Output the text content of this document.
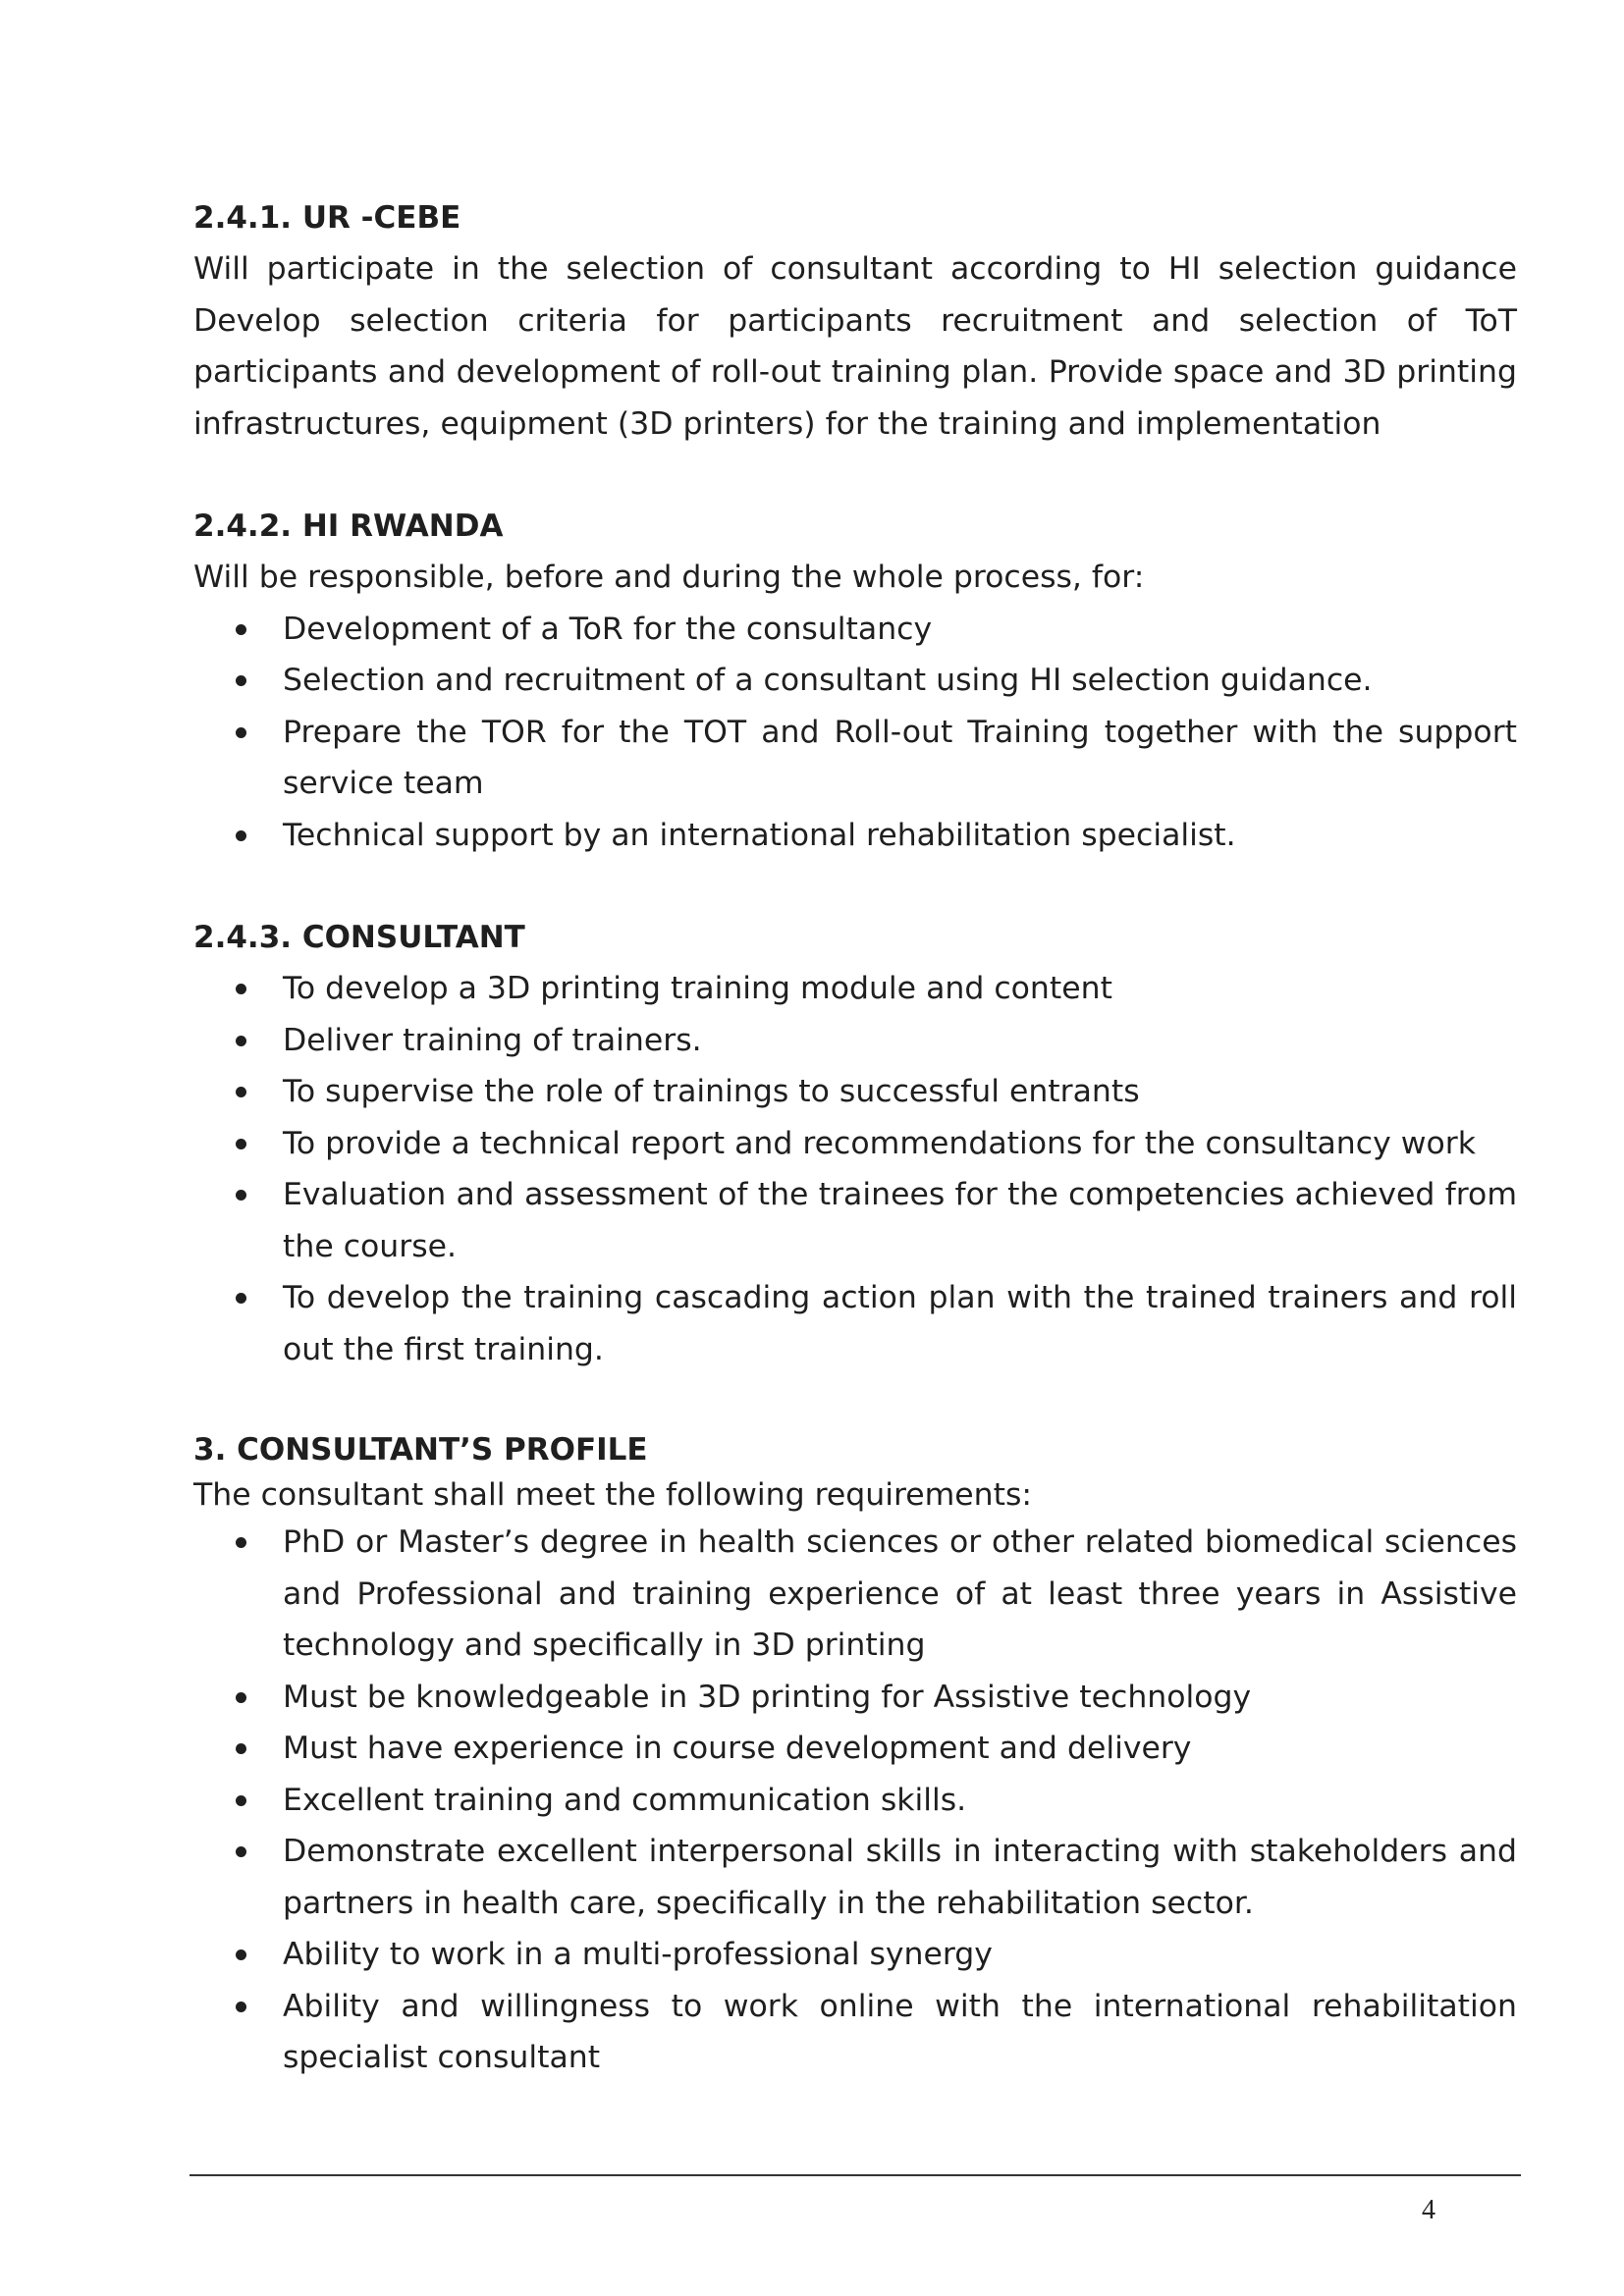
2.4.1. UR -CEBE

Will participate in the selection of consultant according to HI selection guidance Develop selection criteria for participants recruitment and selection of ToT participants and development of roll-out training plan. Provide space and 3D printing infrastructures, equipment (3D printers) for the training and implementation

2.4.2. HI RWANDA

Will be responsible, before and during the whole process, for:

Development of a ToR for the consultancy
Selection and recruitment of a consultant using HI selection guidance.
Prepare the TOR for the TOT and Roll-out Training together with the support service team
Technical support by an international rehabilitation specialist.

2.4.3. CONSULTANT

To develop a 3D printing training module and content
Deliver training of trainers.
To supervise the role of trainings to successful entrants
To provide a technical report and recommendations for the consultancy work
Evaluation and assessment of the trainees for the competencies achieved from the course.
To develop the training cascading action plan with the trained trainers and roll out the first training.

3. CONSULTANT’S PROFILE

The consultant shall meet the following requirements:

PhD or Master’s degree in health sciences or other related biomedical sciences and Professional and training experience of at least three years in Assistive technology and specifically in 3D printing
Must be knowledgeable in 3D printing for Assistive technology
Must have experience in course development and delivery
Excellent training and communication skills.
Demonstrate excellent interpersonal skills in interacting with stakeholders and partners in health care, specifically in the rehabilitation sector.
Ability to work in a multi-professional synergy
Ability and willingness to work online with the international rehabilitation specialist consultant
4
